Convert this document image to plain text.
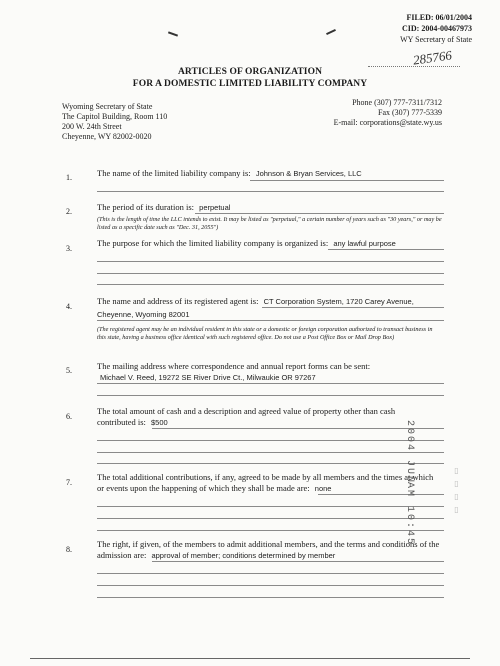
FILED: 06/01/2004
CID: 2004-00467973
WY Secretary of State
285766
ARTICLES OF ORGANIZATION
FOR A DOMESTIC LIMITED LIABILITY COMPANY
Wyoming Secretary of State
The Capitol Building, Room 110
200 W. 24th Street
Cheyenne, WY 82002-0020
Phone (307) 777-7311/7312
Fax (307) 777-5339
E-mail: corporations@state.wy.us
1.	The name of the limited liability company is: Johnson & Bryan Services, LLC
2.	The period of its duration is: perpetual
(This is the length of time the LLC intends to exist. It may be listed as "perpetual," a certain number of years such as "30 years," or may be listed as a specific date such as "Dec. 31, 2055")
3.
The purpose for which the limited liability company is organized is: any lawful purpose
4.
The name and address of its registered agent is: CT Corporation System, 1720 Carey Avenue,
Cheyenne, Wyoming 82001
(The registered agent may be an individual resident in this state or a domestic or foreign corporation authorized to transact business in this state, having a business office identical with such registered office. Do not use a Post Office Box or Mail Drop Box)
5.	The mailing address where correspondence and annual report forms can be sent:
Michael V. Reed, 19272 SE River Drive Ct., Milwaukie OR 97267
6.
The total amount of cash and a description and agreed value of property other than cash
contributed is: $500
7.
The total additional contributions, if any, agreed to be made by all members and the times at which
or events upon the happening of which they shall be made are: none
8.
The right, if given, of the members to admit additional members, and the terms and conditions of the
admission are: approval of member; conditions determined by member
2004 JUN
AM 10:45	▯ ▯ ▯ ▯
